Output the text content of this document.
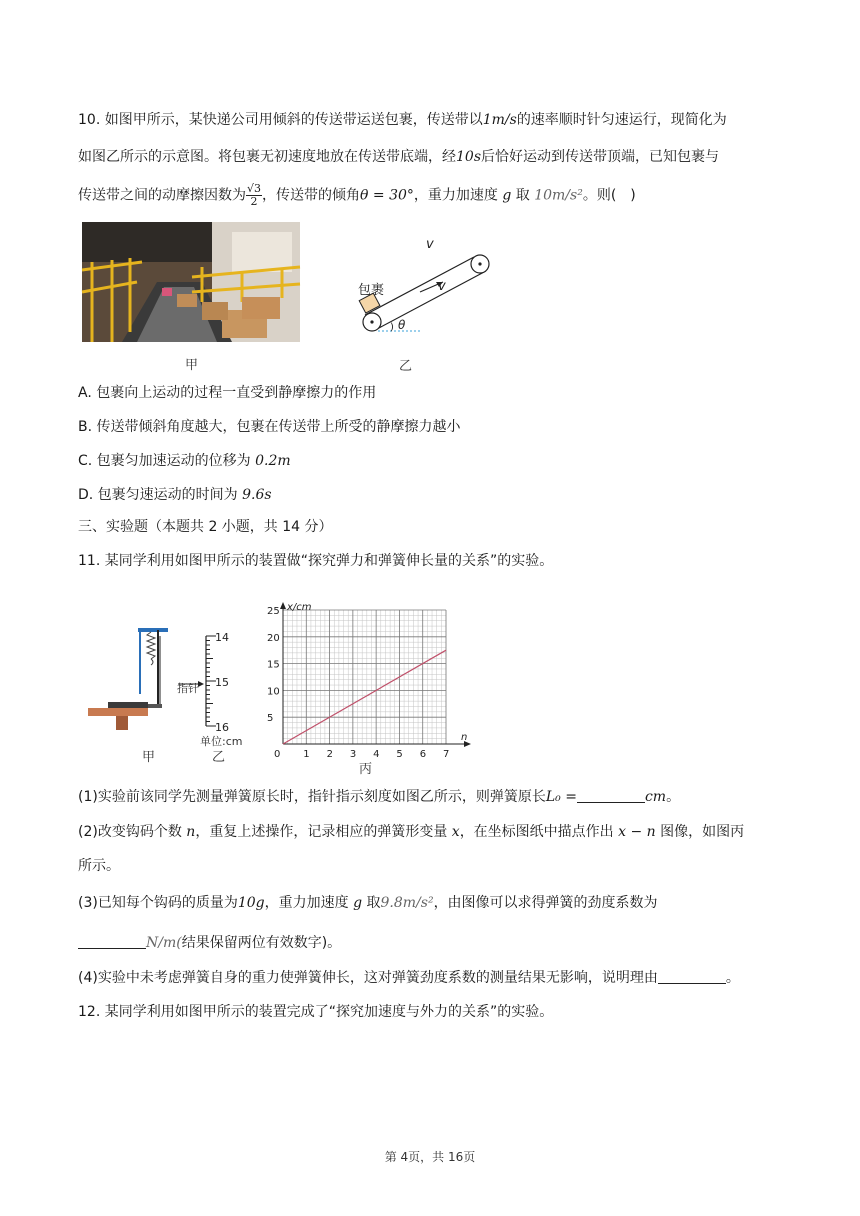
10. 如图甲所示，某快递公司用倾斜的传送带运送包裹，传送带以1m/s的速率顺时针匀速运行，现简化为
如图乙所示的示意图。将包裹无初速度地放在传送带底端，经10s后恰好运动到传送带顶端，已知包裹与
传送带之间的动摩擦因数为 $\frac{√3}{2}$ ，传送带的倾角θ = 30°，重力加速度 g 取 10m/s²。则(　)
甲
v
包裹	v
) θ
乙
A. 包裹向上运动的过程一直受到静摩擦力的作用
B. 传送带倾斜角度越大，包裹在传送带上所受的静摩擦力越小
C. 包裹匀加速运动的位移为 0.2m
D. 包裹匀速运动的时间为 9.6s
三、实验题（本题共 2 小题，共 14 分）
11. 某同学利用如图甲所示的装置做“探究弹力和弹簧伸长量的关系”的实验。
甲
14
15
16
指针
单位:cm
乙
x/cm
n
0 1 2 3 4 5 6 7
5
10
15
20
25
丙
(1)实验前该同学先测量弹簧原长时，指针指示刻度如图乙所示，则弹簧原长L₀ =	cm。
(2)改变钩码个数 n，重复上述操作，记录相应的弹簧形变量 x，在坐标图纸中描点作出 x − n 图像，如图丙
所示。
(3)已知每个钩码的质量为10g，重力加速度 g 取9.8m/s²，由图像可以求得弹簧的劲度系数为
N/m(结果保留两位有效数字)。
(4)实验中未考虑弹簧自身的重力使弹簧伸长，这对弹簧劲度系数的测量结果无影响，说明理由	。
12. 某同学利用如图甲所示的装置完成了“探究加速度与外力的关系”的实验。
第 4页，共 16页
